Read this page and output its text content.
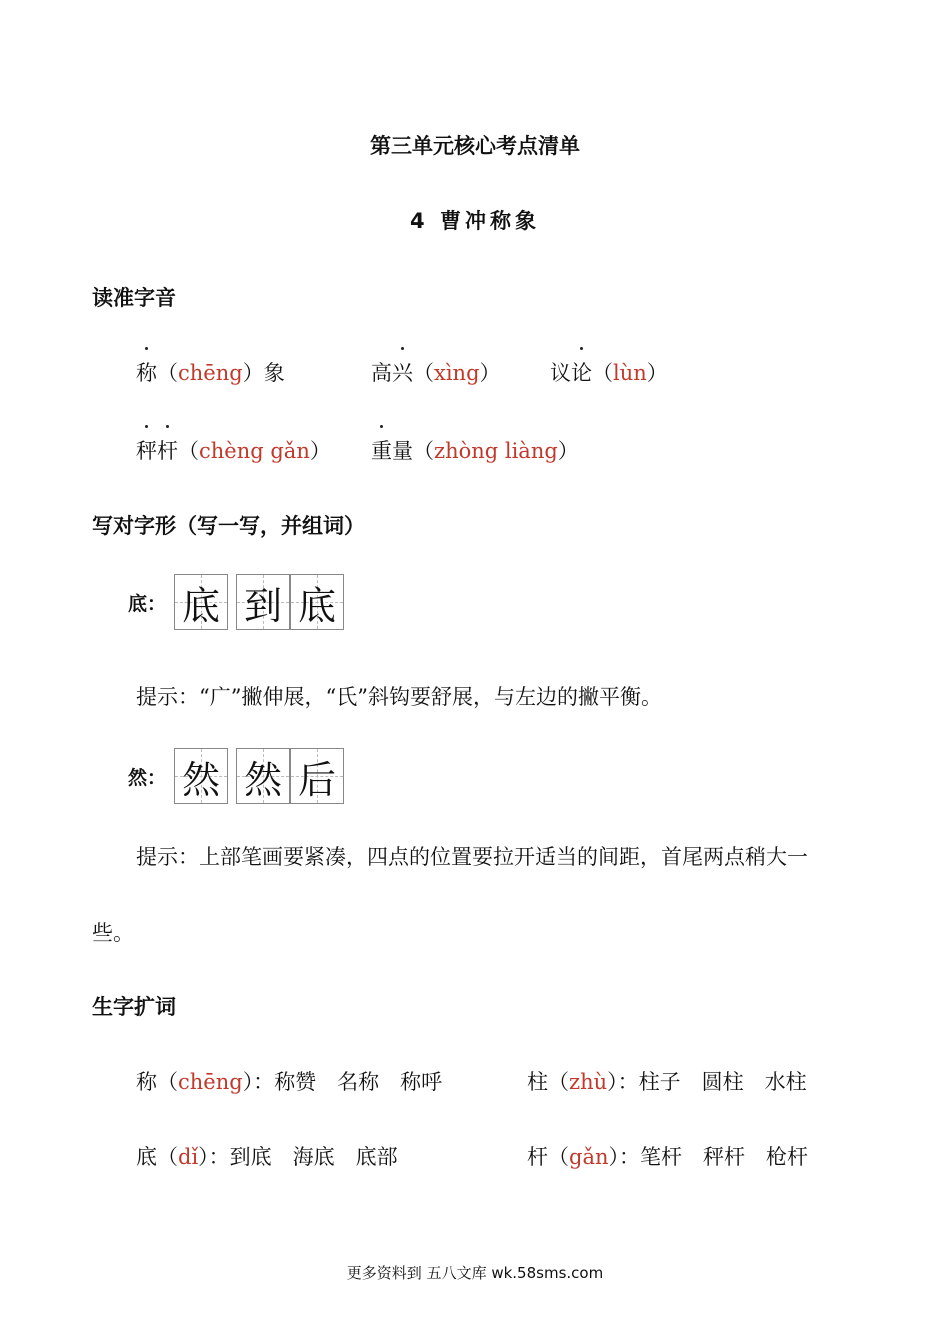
第三单元核心考点清单
4 曹冲称象
读准字音
称（chēng）象	高兴（xìng） 议论（lùn）
秤杆（chèng gǎn） 重量（zhòng liàng）
写对字形（写一写，并组词）
底： 底 到 底
提示：“广”撇伸展，“氏”斜钩要舒展，与左边的撇平衡。
然： 然 然 后
提示：上部笔画要紧凑，四点的位置要拉开适当的间距，首尾两点稍大一
些。
生字扩词
称（chēng）：称赞　名称　称呼	柱（zhù）：柱子　圆柱　水柱
底（dǐ）：到底　海底　底部	杆（gǎn）：笔杆　秤杆　枪杆
更多资料到 五八文库 wk.58sms.com
